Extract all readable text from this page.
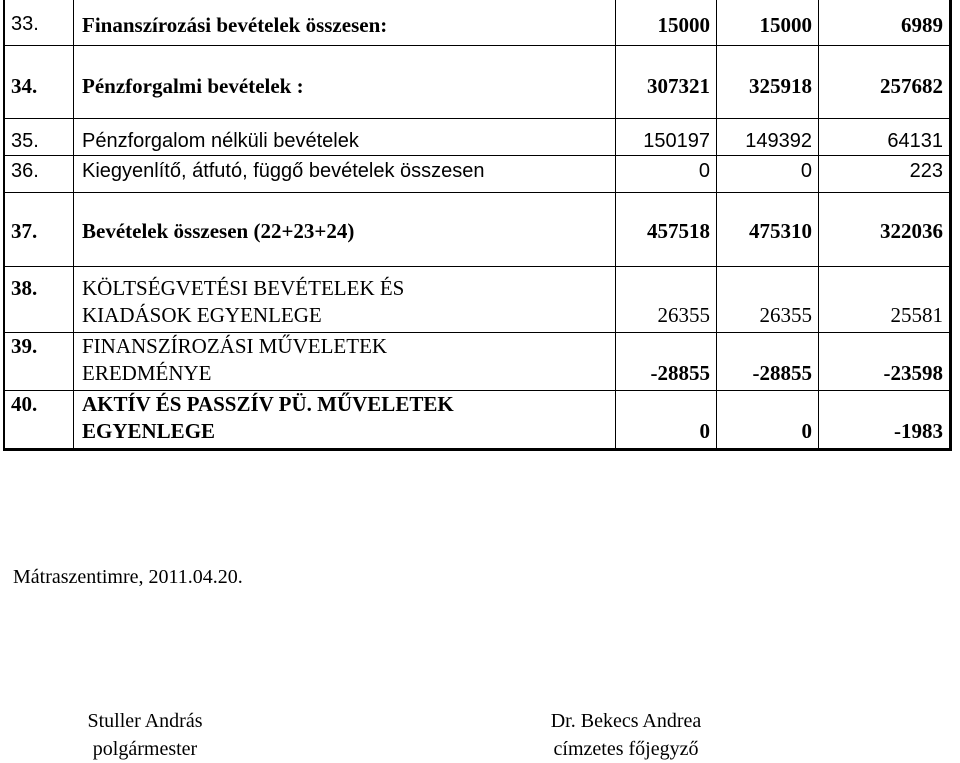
33.	Finanszírozási bevételek összesen:	15000	15000	6989
34.	Pénzforgalmi bevételek :	307321	325918	257682
35.	Pénzforgalom nélküli bevételek	150197	149392	64131
36.	Kiegyenlítő, átfutó, függő bevételek összesen	0	0	223
37.	Bevételek összesen (22+23+24)	457518	475310	322036
38.	KÖLTSÉGVETÉSI BEVÉTELEK ÉS
KIADÁSOK EGYENLEGE	26355	26355	25581
39.	FINANSZÍROZÁSI MŰVELETEK
EREDMÉNYE	-28855	-28855	-23598
40.	AKTÍV ÉS PASSZÍV PÜ. MŰVELETEK
EGYENLEGE	0	0	-1983
Mátraszentimre, 2011.04.20.
Stuller András
polgármester
Dr. Bekecs Andrea
címzetes főjegyző
